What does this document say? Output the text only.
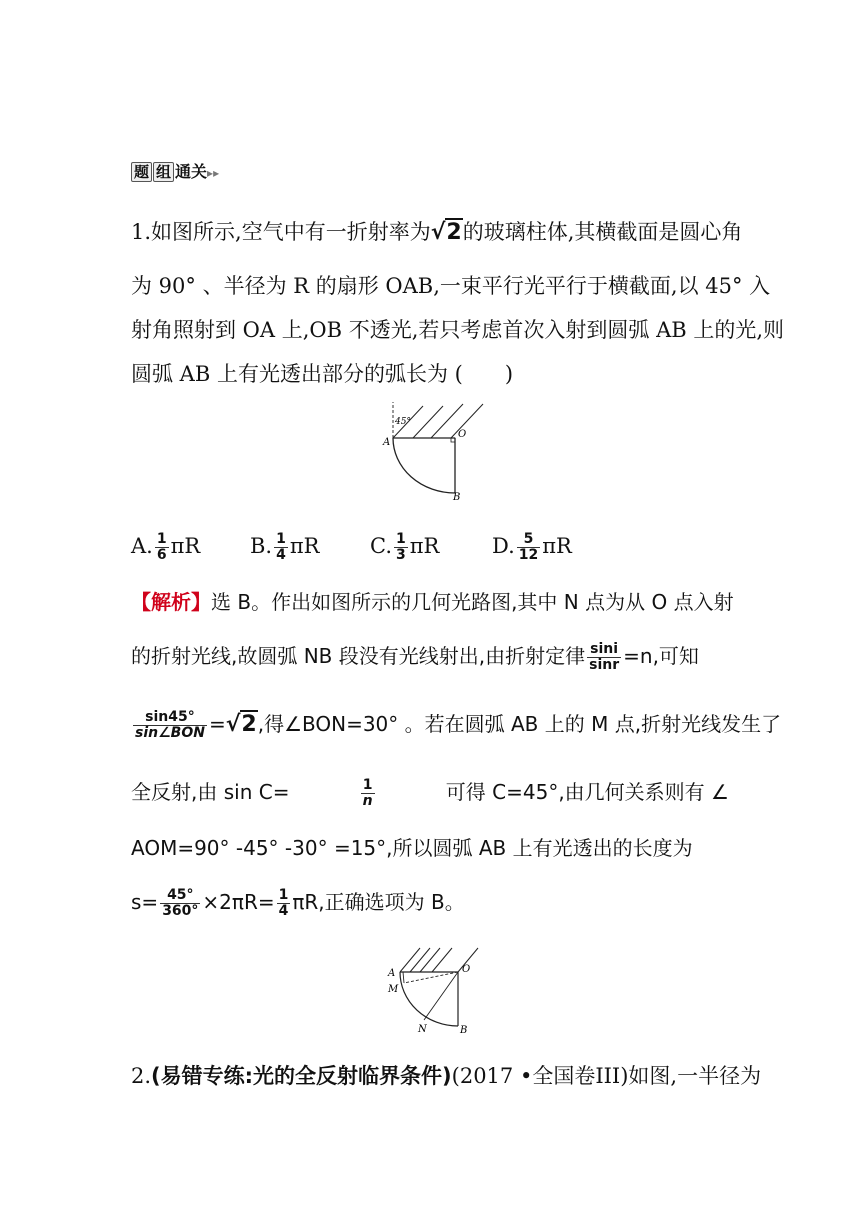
题 组 通关▸▸
1.如图所示,空气中有一折射率为√2的玻璃柱体,其横截面是圆心角
为 90° 、半径为 R 的扇形 OAB,一束平行光平行于横截面,以 45° 入
射角照射到 OA 上,OB 不透光,若只考虑首次入射到圆弧 AB 上的光,则
圆弧 AB 上有光透出部分的弧长为 (　　)
45°
A
O
B
A. $\frac{1}{6}$ πR B. $\frac{1}{4}$ πR C. $\frac{1}{3}$ πR	D. $\frac{5}{12}$ πR
【解析】选 B。作出如图所示的几何光路图,其中 N 点为从 O 点入射
的折射光线,故圆弧 NB 段没有光线射出,由折射定律 $\frac{\sin i}{\sin r} =n$,可知
$\frac{\sin 45^\circ}{\text{sin∠BON}} =√2$,得∠BON=30° 。若在圆弧 AB 上的 M 点,折射光线发生了
全反射,由 sin C=	$\frac{1}{n}$	可得 C=45°,由几何关系则有 ∠
AOM=90° -45° -30° =15°,所以圆弧 AB 上有光透出的长度为
$s= \frac{45^\circ}{360^\circ} \times 2\pi R= \frac{1}{4} \pi R$,正确选项为 B。
A	O
M
N	B
2.(易错专练:光的全反射临界条件)(2017 •全国卷III)如图,一半径为
